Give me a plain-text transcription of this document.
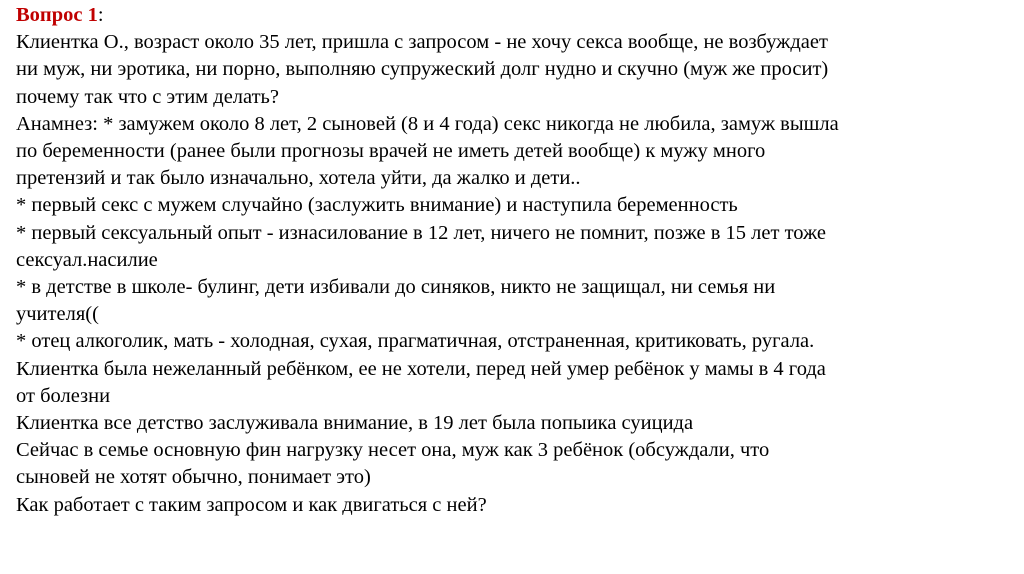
Вопрос 1:
Клиентка О., возраст около 35 лет, пришла с запросом - не хочу секса вообще, не возбуждает
ни муж, ни эротика, ни порно, выполняю супружеский долг нудно и скучно (муж же просит)
почему так что с этим делать?
Анамнез: * замужем около 8 лет, 2 сыновей (8 и 4 года) секс никогда не любила, замуж вышла
по беременности (ранее были прогнозы врачей не иметь детей вообще) к мужу много
претензий и так было изначально, хотела уйти, да жалко и дети..
* первый секс с мужем случайно (заслужить внимание) и наступила беременность
* первый сексуальный опыт - изнасилование в 12 лет, ничего не помнит, позже в 15 лет тоже
сексуал.насилие
* в детстве в школе- булинг, дети избивали до синяков, никто не защищал, ни семья ни
учителя((
* отец алкоголик, мать - холодная, сухая, прагматичная, отстраненная, критиковать, ругала.
Клиентка была нежеланный ребёнком, ее не хотели, перед ней умер ребёнок у мамы в 4 года
от болезни
Клиентка все детство заслуживала внимание, в 19 лет была попыика суицида
Сейчас в семье основную фин нагрузку несет она, муж как 3 ребёнок (обсуждали, что
сыновей не хотят обычно, понимает это)
Как работает с таким запросом и как двигаться с ней?
